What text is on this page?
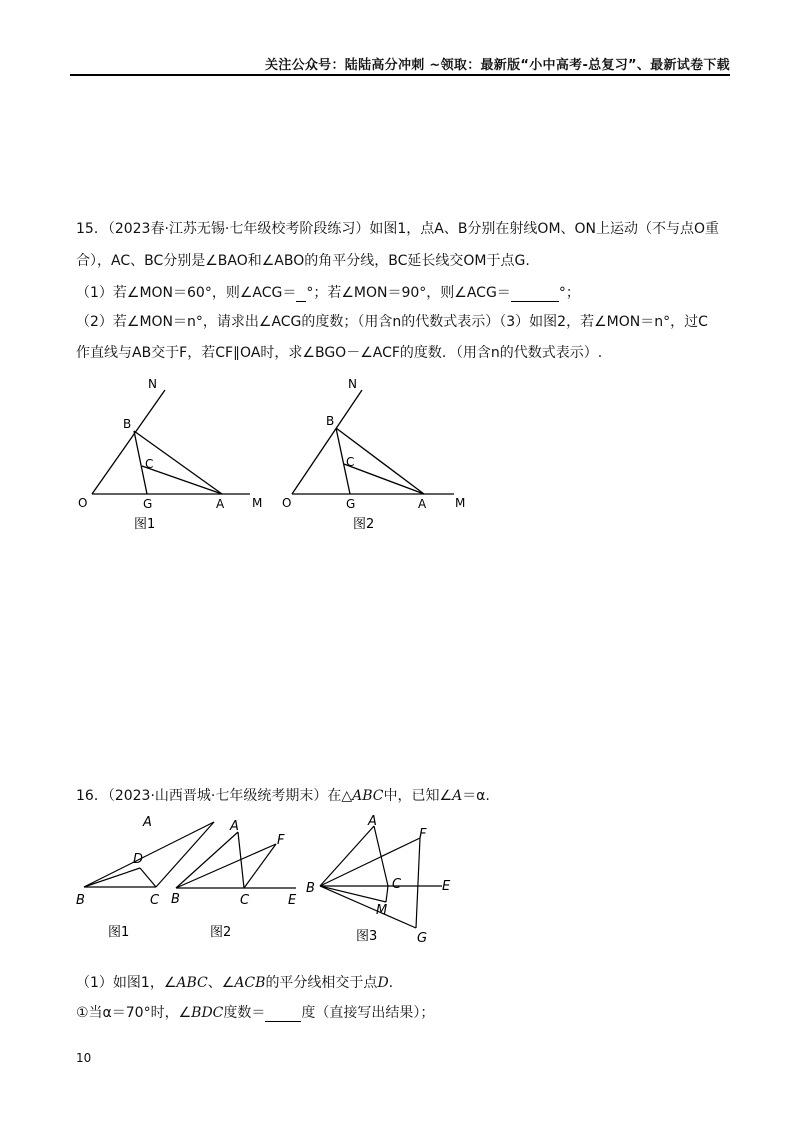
关注公众号：陆陆高分冲刺 ~领取：最新版“小中高考-总复习”、最新试卷下载
15．（2023春·江苏无锡·七年级校考阶段练习）如图1，点A、B分别在射线OM、ON上运动（不与点O重
合），AC、BC分别是∠BAO和∠ABO的角平分线，BC延长线交OM于点G.
（1）若∠MON＝60°，则∠ACG＝ °；若∠MON＝90°，则∠ACG＝	°；
（2）若∠MON＝n°，请求出∠ACG的度数；（用含n的代数式表示）（3）如图2，若∠MON＝n°，过C
作直线与AB交于F，若CF∥OA时，求∠BGO－∠ACF的度数．（用含n的代数式表示）.
N
B
C
O	G	A M
图1
N
B
C
O	G	A M
图2
16．（2023·山西晋城·七年级统考期末）在△ABC中，已知∠A＝α.
A
D
B	C
图1
A
F
B	C	E
图2
A
F
B	C	E
M
G
图3
（1）如图1，∠ABC、∠ACB的平分线相交于点D.
①当α＝70°时，∠BDC度数＝	度（直接写出结果）；
10
